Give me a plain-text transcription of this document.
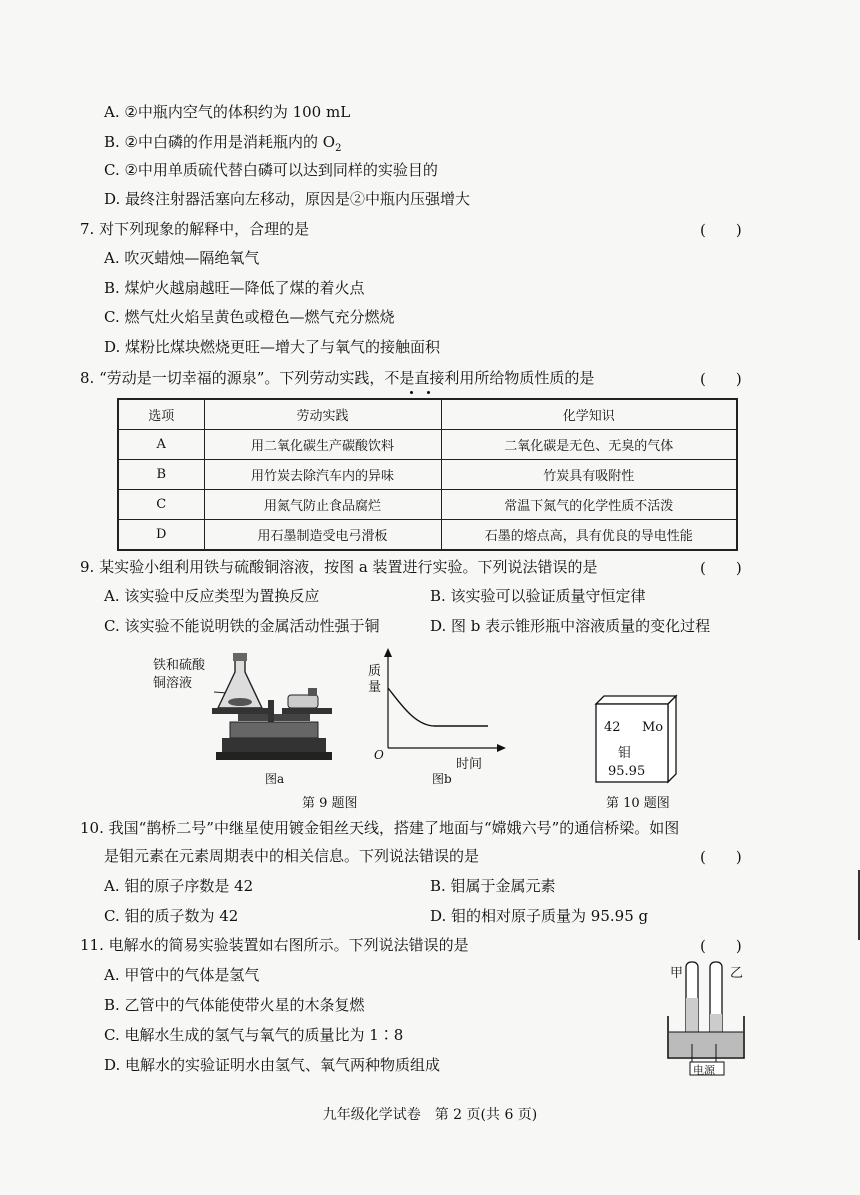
A. ②中瓶内空气的体积约为 100 mL
B. ②中白磷的作用是消耗瓶内的 $O_2$
C. ②中用单质硫代替白磷可以达到同样的实验目的
D. 最终注射器活塞向左移动，原因是②中瓶内压强增大
7. 对下列现象的解释中，合理的是	(　　)
A. 吹灭蜡烛—隔绝氧气
B. 煤炉火越扇越旺—降低了煤的着火点
C. 燃气灶火焰呈黄色或橙色—燃气充分燃烧
D. 煤粉比煤块燃烧更旺—增大了与氧气的接触面积
8. “劳动是一切幸福的源泉”。下列劳动实践，不是直接利用所给物质性质的是	(　　)
选项	劳动实践	化学知识
A	用二氧化碳生产碳酸饮料	二氧化碳是无色、无臭的气体
B	用竹炭去除汽车内的异味	竹炭具有吸附性
C	用氮气防止食品腐烂	常温下氮气的化学性质不活泼
D	用石墨制造受电弓滑板	石墨的熔点高，具有优良的导电性能
9. 某实验小组利用铁与硫酸铜溶液，按图 a 装置进行实验。下列说法错误的是	(　　)
A. 该实验中反应类型为置换反应	B. 该实验可以验证质量守恒定律
C. 该实验不能说明铁的金属活动性强于铜	D. 图 b 表示锥形瓶中溶液质量的变化过程
铁和硫酸
铜溶液
图a
质
量
O
时间
图b
第 9 题图
42 Mo
钼
95.95
第 10 题图
10. 我国“鹊桥二号”中继星使用镀金钼丝天线，搭建了地面与“嫦娥六号”的通信桥梁。如图
是钼元素在元素周期表中的相关信息。下列说法错误的是	(　　)
A. 钼的原子序数是 42	B. 钼属于金属元素
C. 钼的质子数为 42	D. 钼的相对原子质量为 95.95 g
11. 电解水的简易实验装置如右图所示。下列说法错误的是	(　　)
A. 甲管中的气体是氢气
B. 乙管中的气体能使带火星的木条复燃
C. 电解水生成的氢气与氧气的质量比为 1∶8
D. 电解水的实验证明水由氢气、氧气两种物质组成
甲	乙
电源
九年级化学试卷　第 2 页(共 6 页)
